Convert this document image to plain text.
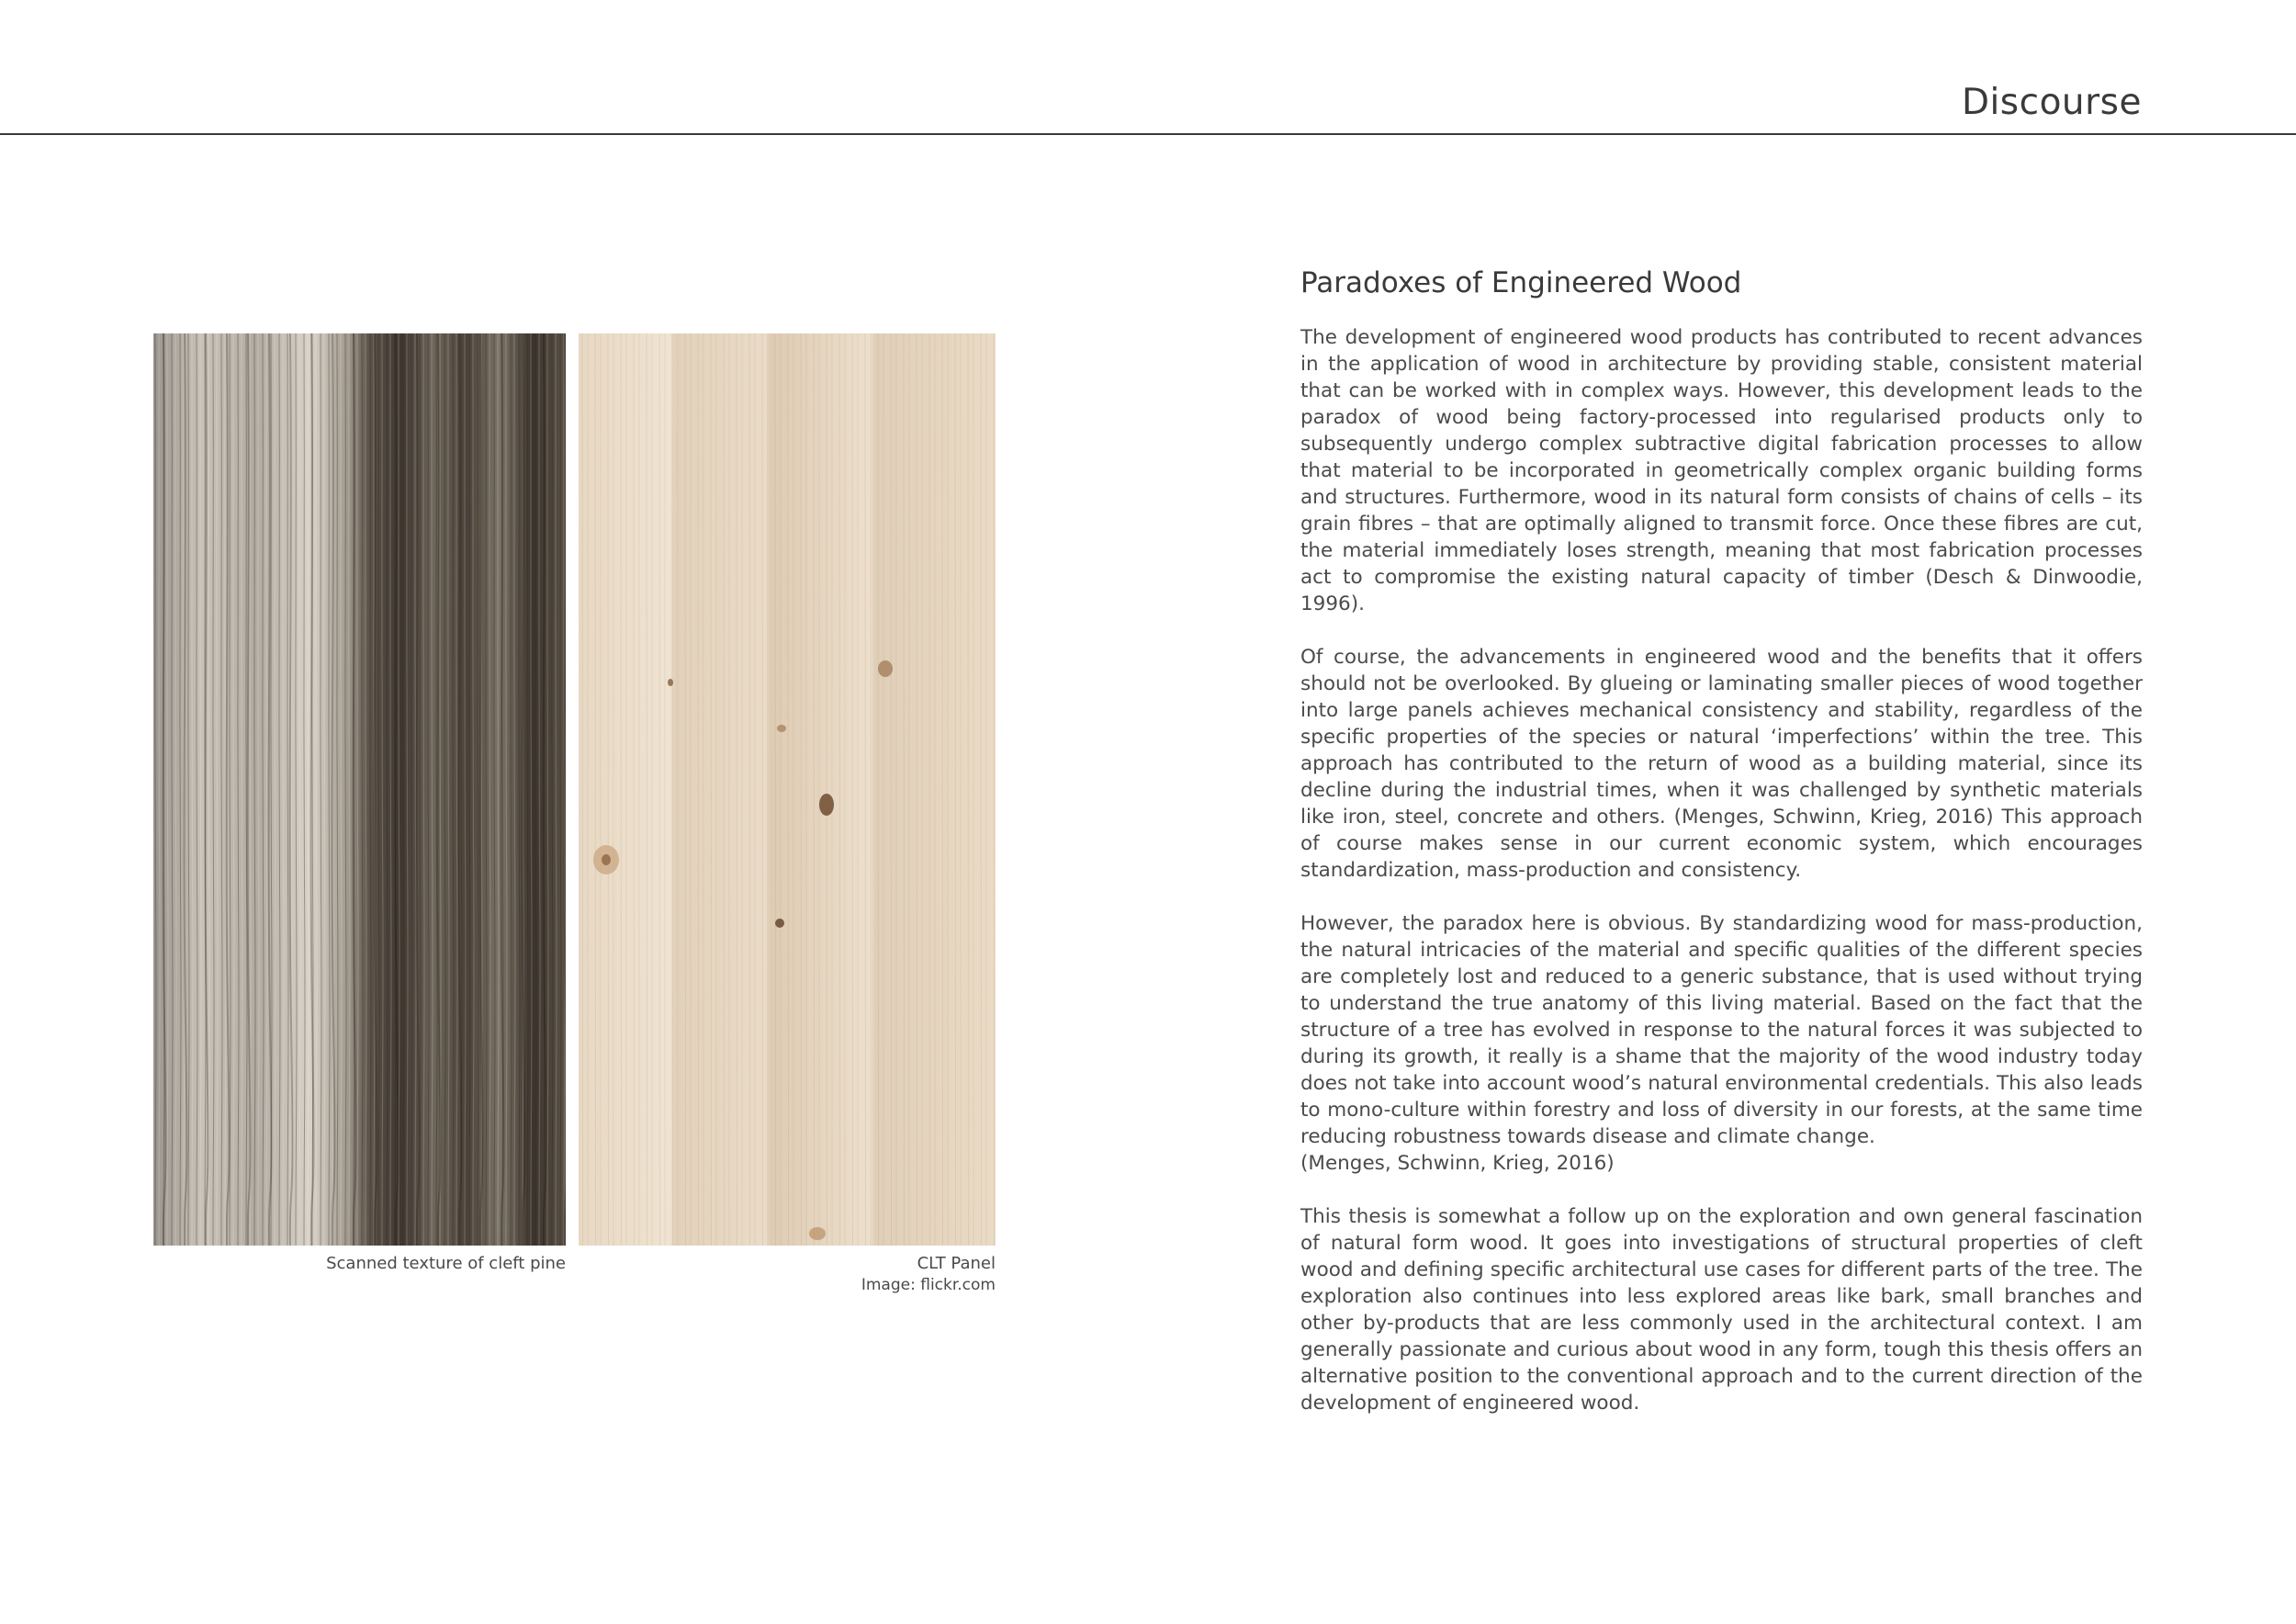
Discourse

Scanned texture of cleft pine	CLT Panel

Image: flickr.com

Paradoxes of Engineered Wood

The development of engineered wood products has contributed to recent advances in the application of wood in architecture by providing stable, consistent material that can be worked with in complex ways. However, this development leads to the paradox of wood being factory-processed into regularised products only to subsequently undergo complex subtractive digital fabrication processes to allow that material to be incorporated in geometrically complex organic building forms and structures. Furthermore, wood in its natural form consists of chains of cells – its grain fibres – that are optimally aligned to transmit force. Once these fibres are cut, the material immediately loses strength, meaning that most fabrication processes act to compromise the existing natural capacity of timber (Desch & Dinwoodie, 1996).

Of course, the advancements in engineered wood and the benefits that it offers should not be overlooked. By glueing or laminating smaller pieces of wood together into large panels achieves mechanical consistency and stability, regardless of the specific properties of the species or natural ‘imperfections’ within the tree. This approach has contributed to the return of wood as a building material, since its decline during the industrial times, when it was challenged by synthetic materials like iron, steel, concrete and others. (Menges, Schwinn, Krieg, 2016) This approach of course makes sense in our current economic system, which encourages standardization, mass-production and consistency.

However, the paradox here is obvious. By standardizing wood for mass-production, the natural intricacies of the material and specific qualities of the different species are completely lost and reduced to a generic substance, that is used without trying to understand the true anatomy of this living material. Based on the fact that the structure of a tree has evolved in response to the natural forces it was subjected to during its growth, it really is a shame that the majority of the wood industry today does not take into account wood’s natural environmental credentials. This also leads to mono-culture within forestry and loss of diversity in our forests, at the same time reducing robustness towards disease and climate change.

(Menges, Schwinn, Krieg, 2016)

This thesis is somewhat a follow up on the exploration and own general fascination of natural form wood. It goes into investigations of structural properties of cleft wood and defining specific architectural use cases for different parts of the tree. The exploration also continues into less explored areas like bark, small branches and other by-products that are less commonly used in the architectural context. I am generally passionate and curious about wood in any form, tough this thesis offers an alternative position to the conventional approach and to the current direction of the development of engineered wood.
